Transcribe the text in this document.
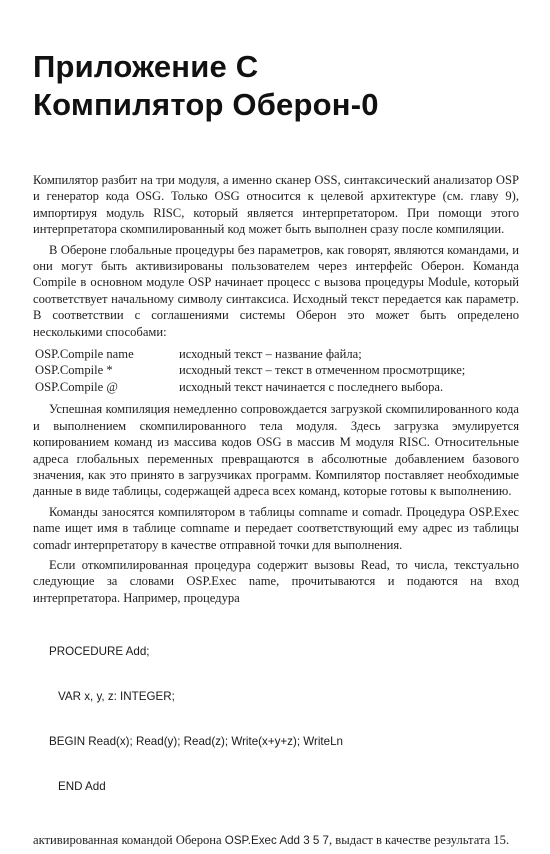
Приложение C
Компилятор Оберон-0

Компилятор разбит на три модуля, а именно сканер OSS, синтаксический анализатор OSP и генератор кода OSG. Только OSG относится к целевой архитектуре (см. главу 9), импортируя модуль RISC, который является интерпретатором. При помощи этого интерпретатора скомпилированный код может быть выполнен сразу после компиляции.

В Обероне глобальные процедуры без параметров, как говорят, являются командами, и они могут быть активизированы пользователем через интерфейс Оберон. Команда Compile в основном модуле OSP начинает процесс с вызова процедуры Module, который соответствует начальному символу синтаксиса. Исходный текст передается как параметр. В соответствии с соглашениями системы Оберон это может быть определено несколькими способами:

OSP.Compile name	исходный текст – название файла;
OSP.Compile *	исходный текст – текст в отмеченном просмотрщике;
OSP.Compile @	исходный текст начинается с последнего выбора.

Успешная компиляция немедленно сопровождается загрузкой скомпилированного кода и выполнением скомпилированного тела модуля. Здесь загрузка эмулируется копированием команд из массива кодов OSG в массив M модуля RISC. Относительные адреса глобальных переменных превращаются в абсолютные добавлением базового значения, как это принято в загрузчиках программ. Компилятор поставляет необходимые данные в виде таблицы, содержащей адреса всех команд, которые готовы к выполнению.

Команды заносятся компилятором в таблицы comname и comadr. Процедура OSP.Exec name ищет имя в таблице comname и передает соответствующий ему адрес из таблицы comadr интерпретатору в качестве отправной точки для выполнения.

Если откомпилированная процедура содержит вызовы Read, то числа, текстуально следующие за словами OSP.Exec name, прочитываются и подаются на вход интерпретатора. Например, процедура

PROCEDURE Add;

VAR x, y, z: INTEGER;

BEGIN Read(x); Read(y); Read(z); Write(x+y+z); WriteLn

END Add

активированная командой Оберона OSP.Exec Add 3 5 7, выдаст в качестве результата 15.
